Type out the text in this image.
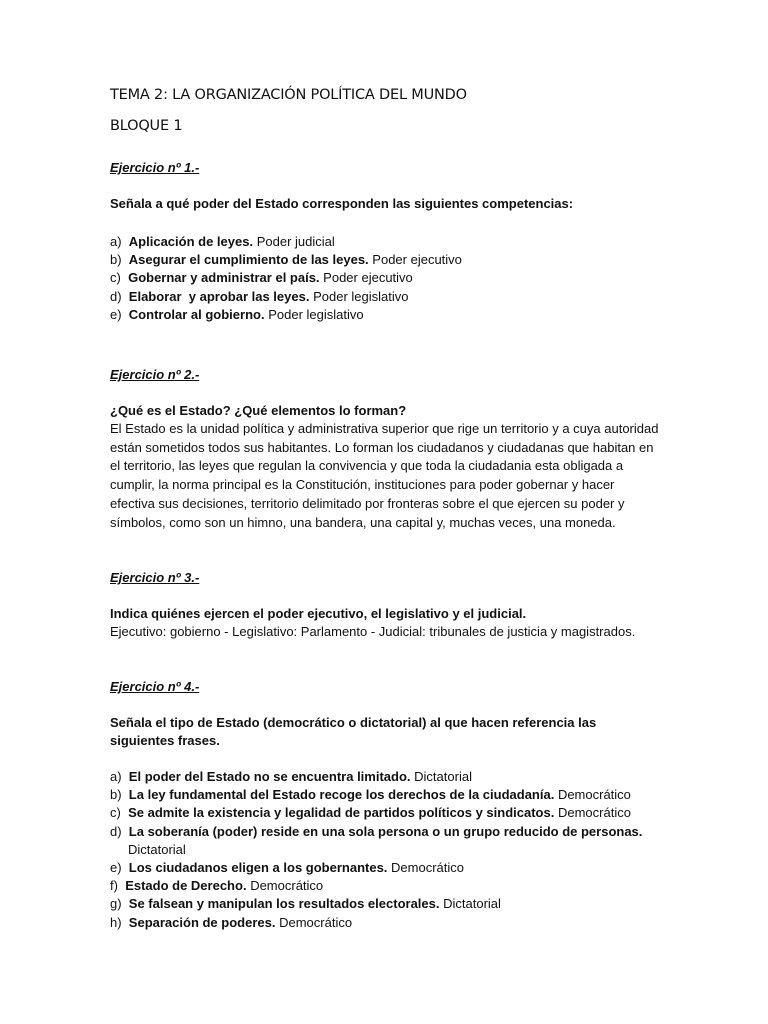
TEMA 2: LA ORGANIZACIÓN POLÍTICA DEL MUNDO

BLOQUE 1

Ejercicio nº 1.-

Señala a qué poder del Estado corresponden las siguientes competencias:

a) Aplicación de leyes. Poder judicial
b) Asegurar el cumplimiento de las leyes. Poder ejecutivo
c) Gobernar y administrar el país. Poder ejecutivo
d) Elaborar  y aprobar las leyes. Poder legislativo
e) Controlar al gobierno. Poder legislativo

Ejercicio nº 2.-

¿Qué es el Estado? ¿Qué elementos lo forman?

El Estado es la unidad política y administrativa superior que rige un territorio y a cuya autoridad

están sometidos todos sus habitantes. Lo forman los ciudadanos y ciudadanas que habitan en

el territorio, las leyes que regulan la convivencia y que toda la ciudadania esta obligada a

cumplir, la norma principal es la Constitución, instituciones para poder gobernar y hacer

efectiva sus decisiones, territorio delimitado por fronteras sobre el que ejercen su poder y

símbolos, como son un himno, una bandera, una capital y, muchas veces, una moneda.

Ejercicio nº 3.-

Indica quiénes ejercen el poder ejecutivo, el legislativo y el judicial.

Ejecutivo: gobierno - Legislativo: Parlamento - Judicial: tribunales de justicia y magistrados.

Ejercicio nº 4.-

Señala el tipo de Estado (democrático o dictatorial) al que hacen referencia las

siguientes frases.

a) El poder del Estado no se encuentra limitado. Dictatorial
b) La ley fundamental del Estado recoge los derechos de la ciudadanía. Democrático
c) Se admite la existencia y legalidad de partidos políticos y sindicatos. Democrático
d) La soberanía (poder) reside en una sola persona o un grupo reducido de personas.
Dictatorial
e) Los ciudadanos eligen a los gobernantes. Democrático
f) Estado de Derecho. Democrático
g) Se falsean y manipulan los resultados electorales. Dictatorial
h) Separación de poderes. Democrático
